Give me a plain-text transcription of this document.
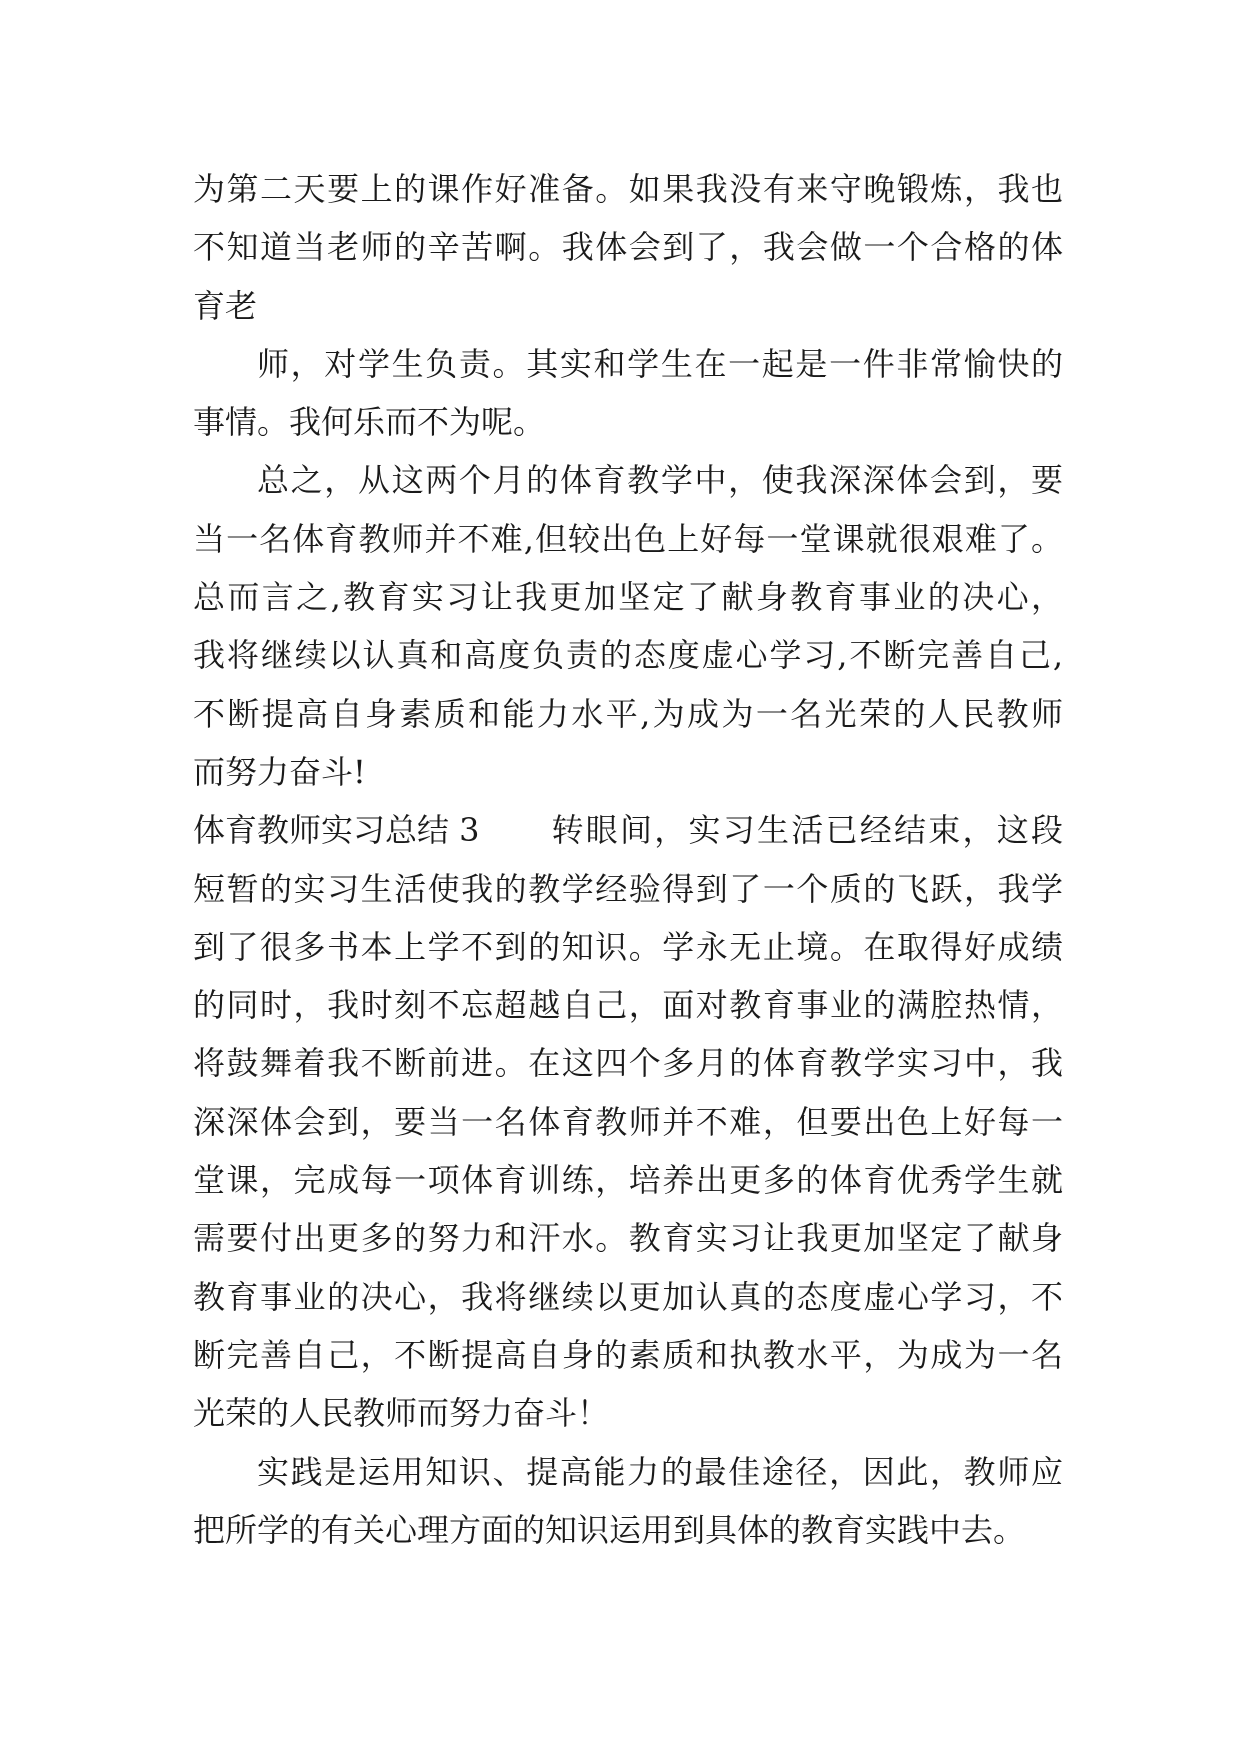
为第二天要上的课作好准备。如果我没有来守晚锻炼，我也
不知道当老师的辛苦啊。我体会到了，我会做一个合格的体
育老
师，对学生负责。其实和学生在一起是一件非常愉快的
事情。我何乐而不为呢。
总之，从这两个月的体育教学中，使我深深体会到，要
当一名体育教师并不难,但较出色上好每一堂课就很艰难了。
总而言之,教育实习让我更加坚定了献身教育事业的决心，
我将继续以认真和高度负责的态度虚心学习,不断完善自己,
不断提高自身素质和能力水平,为成为一名光荣的人民教师
而努力奋斗!
体育教师实习总结 3	转眼间，实习生活已经结束，这段
短暂的实习生活使我的教学经验得到了一个质的飞跃，我学
到了很多书本上学不到的知识。学永无止境。在取得好成绩
的同时，我时刻不忘超越自己，面对教育事业的满腔热情，
将鼓舞着我不断前进。在这四个多月的体育教学实习中，我
深深体会到，要当一名体育教师并不难，但要出色上好每一
堂课，完成每一项体育训练，培养出更多的体育优秀学生就
需要付出更多的努力和汗水。教育实习让我更加坚定了献身
教育事业的决心，我将继续以更加认真的态度虚心学习，不
断完善自己，不断提高自身的素质和执教水平，为成为一名
光荣的人民教师而努力奋斗！
实践是运用知识、提高能力的最佳途径，因此，教师应
把所学的有关心理方面的知识运用到具体的教育实践中去。
